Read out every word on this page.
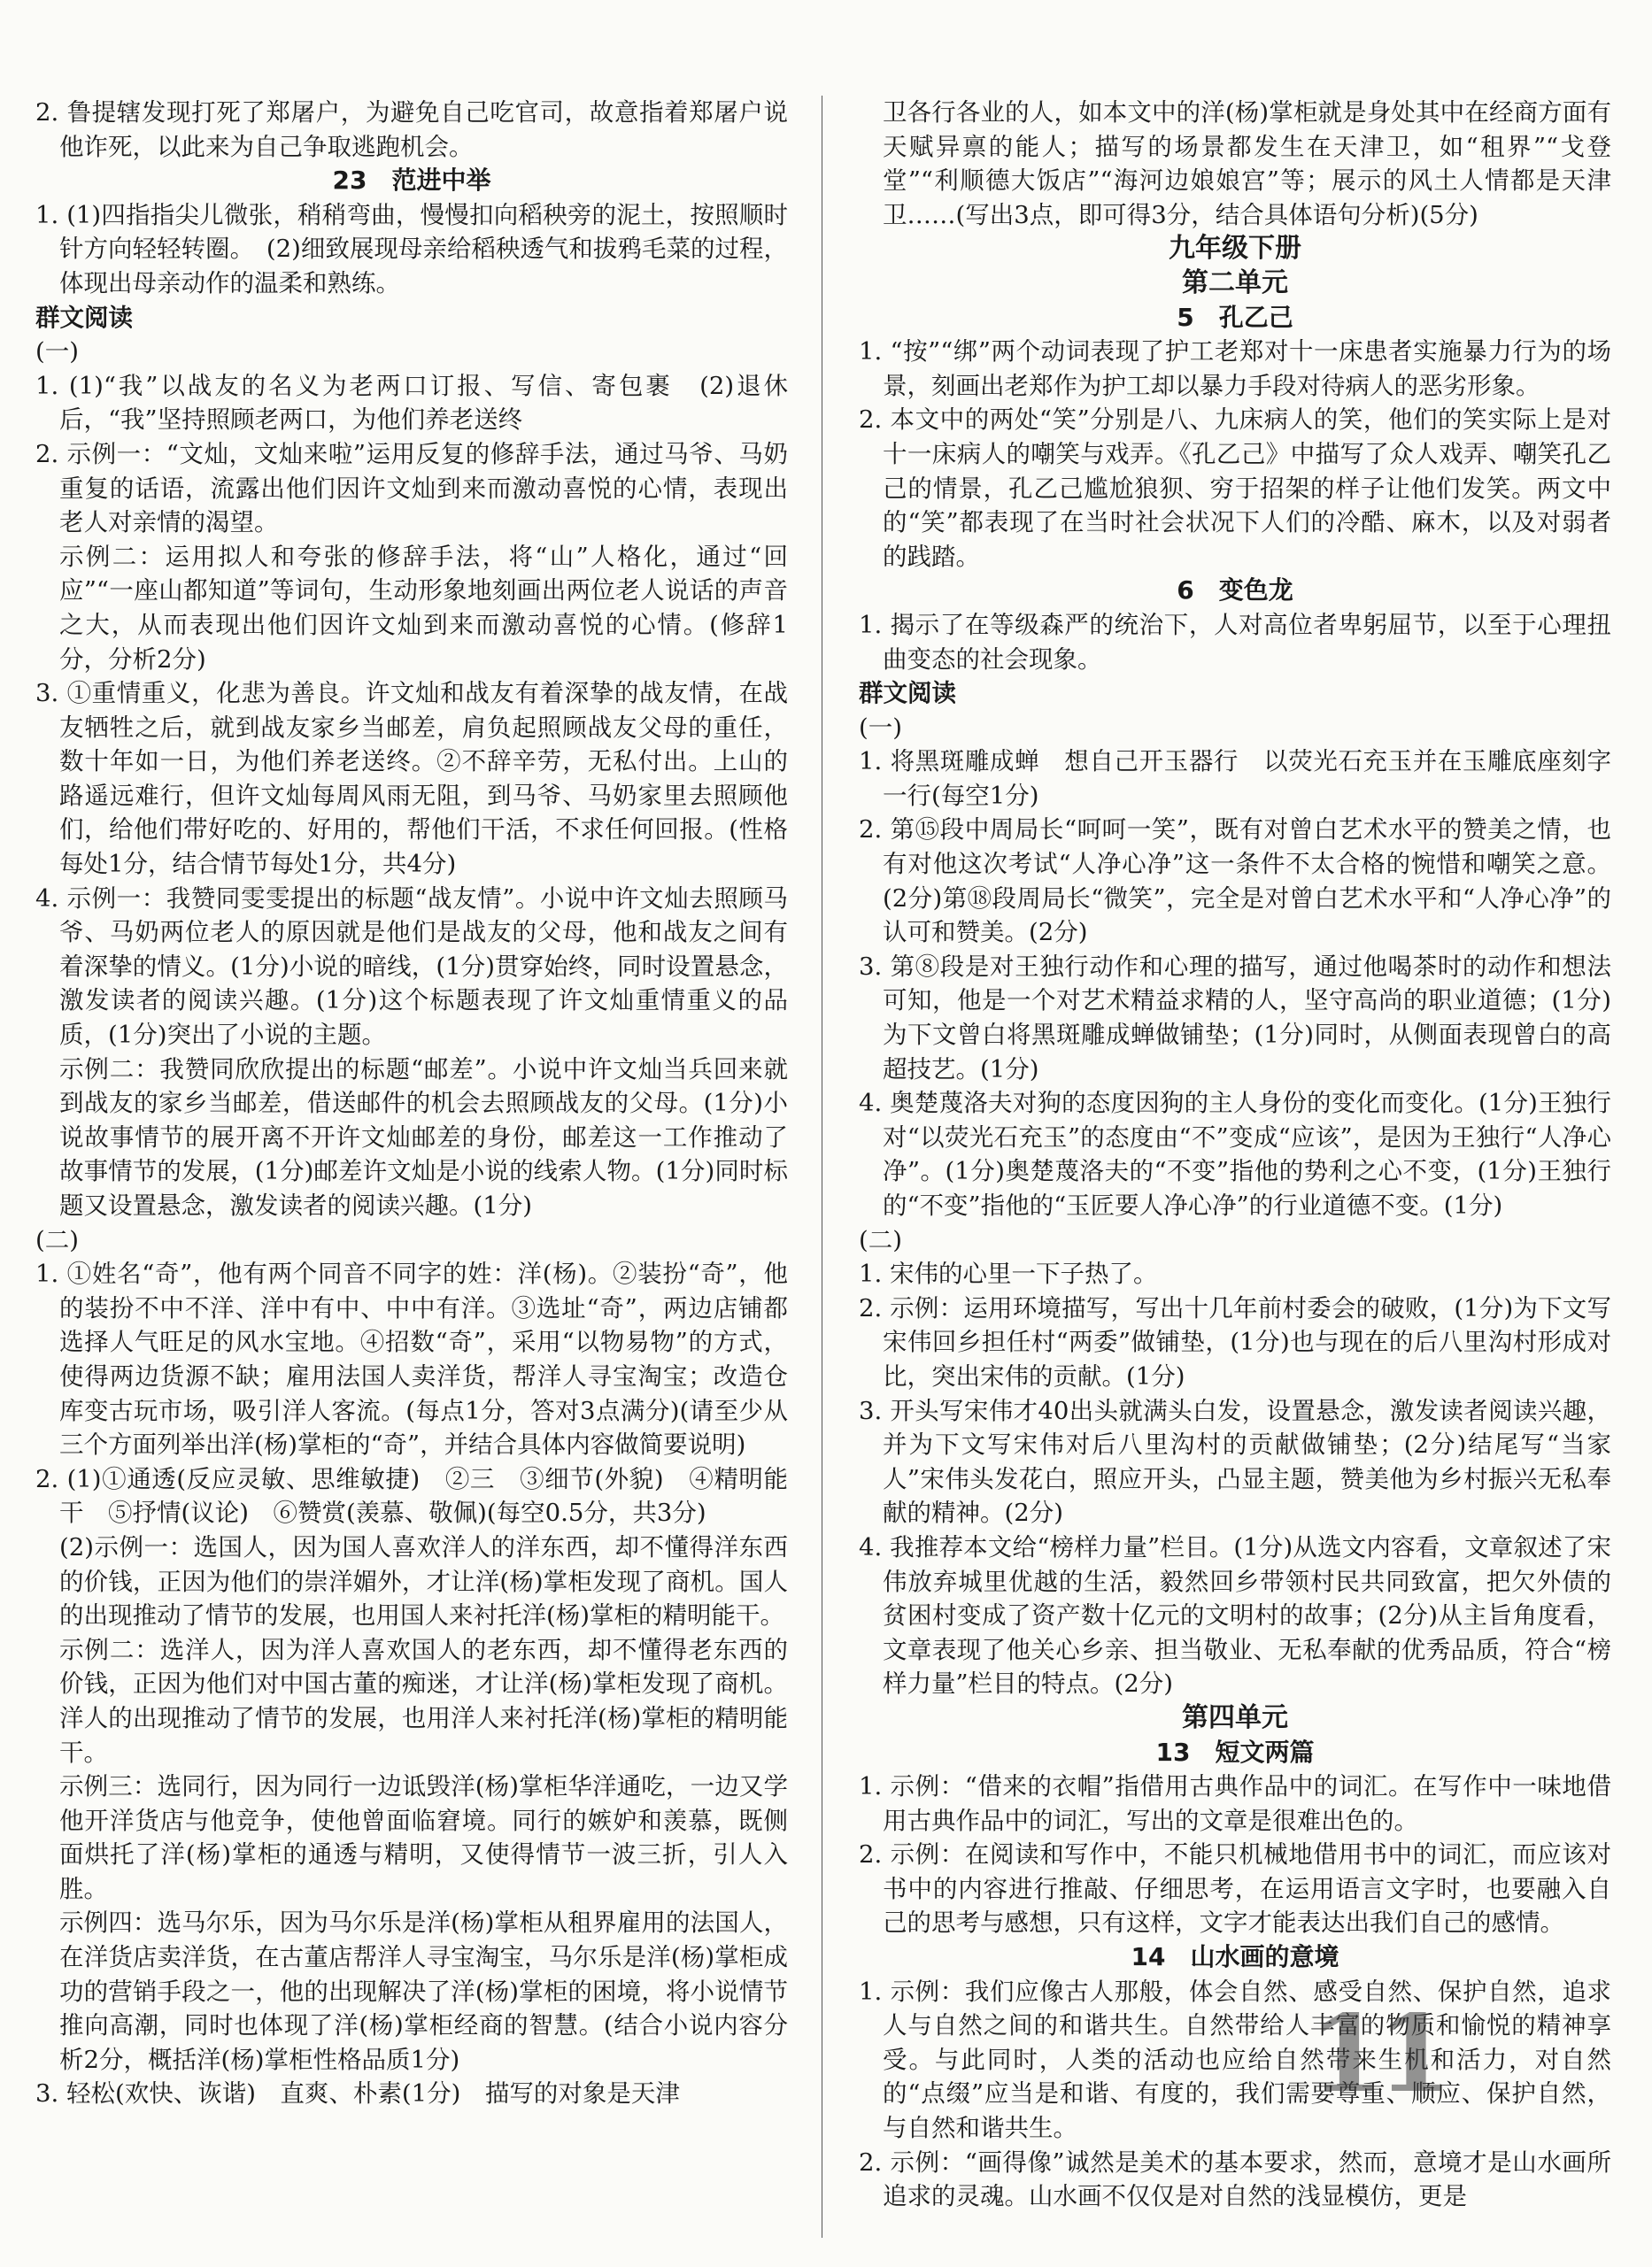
2. 鲁提辖发现打死了郑屠户，为避免自己吃官司，故意指着郑屠户说他诈死，以此来为自己争取逃跑机会。

23　范进中举

1. (1)四指指尖儿微张，稍稍弯曲，慢慢扣向稻秧旁的泥土，按照顺时针方向轻轻转圈。　(2)细致展现母亲给稻秧透气和拔鸦毛菜的过程，体现出母亲动作的温柔和熟练。

群文阅读

(一)

1. (1)“我”以战友的名义为老两口订报、写信、寄包裹　(2)退休后，“我”坚持照顾老两口，为他们养老送终

2. 示例一：“文灿，文灿来啦”运用反复的修辞手法，通过马爷、马奶重复的话语，流露出他们因许文灿到来而激动喜悦的心情，表现出老人对亲情的渴望。

示例二：运用拟人和夸张的修辞手法，将“山”人格化，通过“回应”“一座山都知道”等词句，生动形象地刻画出两位老人说话的声音之大，从而表现出他们因许文灿到来而激动喜悦的心情。(修辞1分，分析2分)

3. ①重情重义，化悲为善良。许文灿和战友有着深挚的战友情，在战友牺牲之后，就到战友家乡当邮差，肩负起照顾战友父母的重任，数十年如一日，为他们养老送终。②不辞辛劳，无私付出。上山的路遥远难行，但许文灿每周风雨无阻，到马爷、马奶家里去照顾他们，给他们带好吃的、好用的，帮他们干活，不求任何回报。(性格每处1分，结合情节每处1分，共4分)

4. 示例一：我赞同雯雯提出的标题“战友情”。小说中许文灿去照顾马爷、马奶两位老人的原因就是他们是战友的父母，他和战友之间有着深挚的情义。(1分)小说的暗线，(1分)贯穿始终，同时设置悬念，激发读者的阅读兴趣。(1分)这个标题表现了许文灿重情重义的品质，(1分)突出了小说的主题。

示例二：我赞同欣欣提出的标题“邮差”。小说中许文灿当兵回来就到战友的家乡当邮差，借送邮件的机会去照顾战友的父母。(1分)小说故事情节的展开离不开许文灿邮差的身份，邮差这一工作推动了故事情节的发展，(1分)邮差许文灿是小说的线索人物。(1分)同时标题又设置悬念，激发读者的阅读兴趣。(1分)

(二)

1. ①姓名“奇”，他有两个同音不同字的姓：洋(杨)。②装扮“奇”，他的装扮不中不洋、洋中有中、中中有洋。③选址“奇”，两边店铺都选择人气旺足的风水宝地。④招数“奇”，采用“以物易物”的方式，使得两边货源不缺；雇用法国人卖洋货，帮洋人寻宝淘宝；改造仓库变古玩市场，吸引洋人客流。(每点1分，答对3点满分)(请至少从三个方面列举出洋(杨)掌柜的“奇”，并结合具体内容做简要说明)

2. (1)①通透(反应灵敏、思维敏捷)　②三　③细节(外貌)　④精明能干　⑤抒情(议论)　⑥赞赏(羡慕、敬佩)(每空0.5分，共3分)

(2)示例一：选国人，因为国人喜欢洋人的洋东西，却不懂得洋东西的价钱，正因为他们的崇洋媚外，才让洋(杨)掌柜发现了商机。国人的出现推动了情节的发展，也用国人来衬托洋(杨)掌柜的精明能干。

示例二：选洋人，因为洋人喜欢国人的老东西，却不懂得老东西的价钱，正因为他们对中国古董的痴迷，才让洋(杨)掌柜发现了商机。洋人的出现推动了情节的发展，也用洋人来衬托洋(杨)掌柜的精明能干。

示例三：选同行，因为同行一边诋毁洋(杨)掌柜华洋通吃，一边又学他开洋货店与他竞争，使他曾面临窘境。同行的嫉妒和羡慕，既侧面烘托了洋(杨)掌柜的通透与精明，又使得情节一波三折，引人入胜。

示例四：选马尔乐，因为马尔乐是洋(杨)掌柜从租界雇用的法国人，在洋货店卖洋货，在古董店帮洋人寻宝淘宝，马尔乐是洋(杨)掌柜成功的营销手段之一，他的出现解决了洋(杨)掌柜的困境，将小说情节推向高潮，同时也体现了洋(杨)掌柜经商的智慧。(结合小说内容分析2分，概括洋(杨)掌柜性格品质1分)

3. 轻松(欢快、诙谐)　直爽、朴素(1分)　描写的对象是天津

卫各行各业的人，如本文中的洋(杨)掌柜就是身处其中在经商方面有天赋异禀的能人；描写的场景都发生在天津卫，如“租界”“戈登堂”“利顺德大饭店”“海河边娘娘宫”等；展示的风土人情都是天津卫……(写出3点，即可得3分，结合具体语句分析)(5分)

九年级下册
第二单元
5　孔乙己

1. “按”“绑”两个动词表现了护工老郑对十一床患者实施暴力行为的场景，刻画出老郑作为护工却以暴力手段对待病人的恶劣形象。

2. 本文中的两处“笑”分别是八、九床病人的笑，他们的笑实际上是对十一床病人的嘲笑与戏弄。《孔乙己》中描写了众人戏弄、嘲笑孔乙己的情景，孔乙己尴尬狼狈、穷于招架的样子让他们发笑。两文中的“笑”都表现了在当时社会状况下人们的冷酷、麻木，以及对弱者的践踏。

6　变色龙

1. 揭示了在等级森严的统治下，人对高位者卑躬屈节，以至于心理扭曲变态的社会现象。

群文阅读

(一)

1. 将黑斑雕成蝉　想自己开玉器行　以荧光石充玉并在玉雕底座刻字一行(每空1分)

2. 第⑮段中周局长“呵呵一笑”，既有对曾白艺术水平的赞美之情，也有对他这次考试“人净心净”这一条件不太合格的惋惜和嘲笑之意。(2分)第⑱段周局长“微笑”，完全是对曾白艺术水平和“人净心净”的认可和赞美。(2分)

3. 第⑧段是对王独行动作和心理的描写，通过他喝茶时的动作和想法可知，他是一个对艺术精益求精的人，坚守高尚的职业道德；(1分)为下文曾白将黑斑雕成蝉做铺垫；(1分)同时，从侧面表现曾白的高超技艺。(1分)

4. 奥楚蔑洛夫对狗的态度因狗的主人身份的变化而变化。(1分)王独行对“以荧光石充玉”的态度由“不”变成“应该”，是因为王独行“人净心净”。(1分)奥楚蔑洛夫的“不变”指他的势利之心不变，(1分)王独行的“不变”指他的“玉匠要人净心净”的行业道德不变。(1分)

(二)

1. 宋伟的心里一下子热了。

2. 示例：运用环境描写，写出十几年前村委会的破败，(1分)为下文写宋伟回乡担任村“两委”做铺垫，(1分)也与现在的后八里沟村形成对比，突出宋伟的贡献。(1分)

3. 开头写宋伟才40出头就满头白发，设置悬念，激发读者阅读兴趣，并为下文写宋伟对后八里沟村的贡献做铺垫；(2分)结尾写“当家人”宋伟头发花白，照应开头，凸显主题，赞美他为乡村振兴无私奉献的精神。(2分)

4. 我推荐本文给“榜样力量”栏目。(1分)从选文内容看，文章叙述了宋伟放弃城里优越的生活，毅然回乡带领村民共同致富，把欠外债的贫困村变成了资产数十亿元的文明村的故事；(2分)从主旨角度看，文章表现了他关心乡亲、担当敬业、无私奉献的优秀品质，符合“榜样力量”栏目的特点。(2分)

第四单元
13　短文两篇

1. 示例：“借来的衣帽”指借用古典作品中的词汇。在写作中一味地借用古典作品中的词汇，写出的文章是很难出色的。

2. 示例：在阅读和写作中，不能只机械地借用书中的词汇，而应该对书中的内容进行推敲、仔细思考，在运用语言文字时，也要融入自己的思考与感想，只有这样，文字才能表达出我们自己的感情。

14　山水画的意境

1. 示例：我们应像古人那般，体会自然、感受自然、保护自然，追求人与自然之间的和谐共生。自然带给人丰富的物质和愉悦的精神享受。与此同时，人类的活动也应给自然带来生机和活力，对自然的“点缀”应当是和谐、有度的，我们需要尊重、顺应、保护自然，与自然和谐共生。

2. 示例：“画得像”诚然是美术的基本要求，然而，意境才是山水画所追求的灵魂。山水画不仅仅是对自然的浅显模仿，更是

11
